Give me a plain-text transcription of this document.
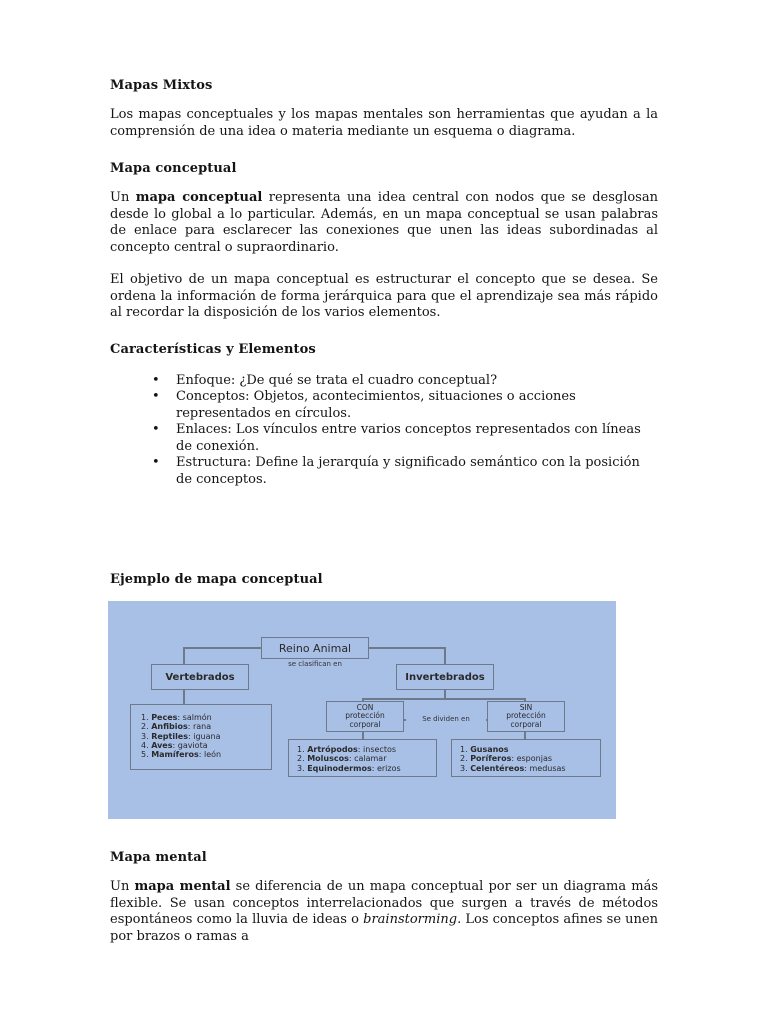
Mapas Mixtos

Los mapas conceptuales y los mapas mentales son herramientas que ayudan a la comprensión de una idea o materia mediante un esquema o diagrama.

Mapa conceptual

Un mapa conceptual representa una idea central con nodos que se desglosan desde lo global a lo particular. Además, en un mapa conceptual se usan palabras de enlace para esclarecer las conexiones que unen las ideas subordinadas al concepto central o supraordinario.

El objetivo de un mapa conceptual es estructurar el concepto que se desea. Se ordena la información de forma jerárquica para que el aprendizaje sea más rápido al recordar la disposición de los varios elementos.

Características y Elementos
• Enfoque: ¿De qué se trata el cuadro conceptual?
• Conceptos: Objetos, acontecimientos, situaciones o acciones representados en círculos.
• Enlaces: Los vínculos entre varios conceptos representados con líneas de conexión.
• Estructura: Define la jerarquía y significado semántico con la posición de conceptos.
Ejemplo de mapa conceptual
Reino Animal
se clasifican en
Vertebrados	Invertebrados
1. Peces: salmón
2. Anfibios: rana
3. Reptiles: iguana
4. Aves: gaviota
5. Mamíferos: león
CON
protección
corporal
Se dividen en
SIN
protección
corporal
1. Artrópodos: insectos
2. Moluscos: calamar
3. Equinodermos: erizos
1. Gusanos
2. Poríferos: esponjas
3. Celentéreos: medusas
Mapa mental

Un mapa mental se diferencia de un mapa conceptual por ser un diagrama más flexible. Se usan conceptos interrelacionados que surgen a través de métodos espontáneos como la lluvia de ideas o brainstorming. Los conceptos afines se unen por brazos o ramas a
